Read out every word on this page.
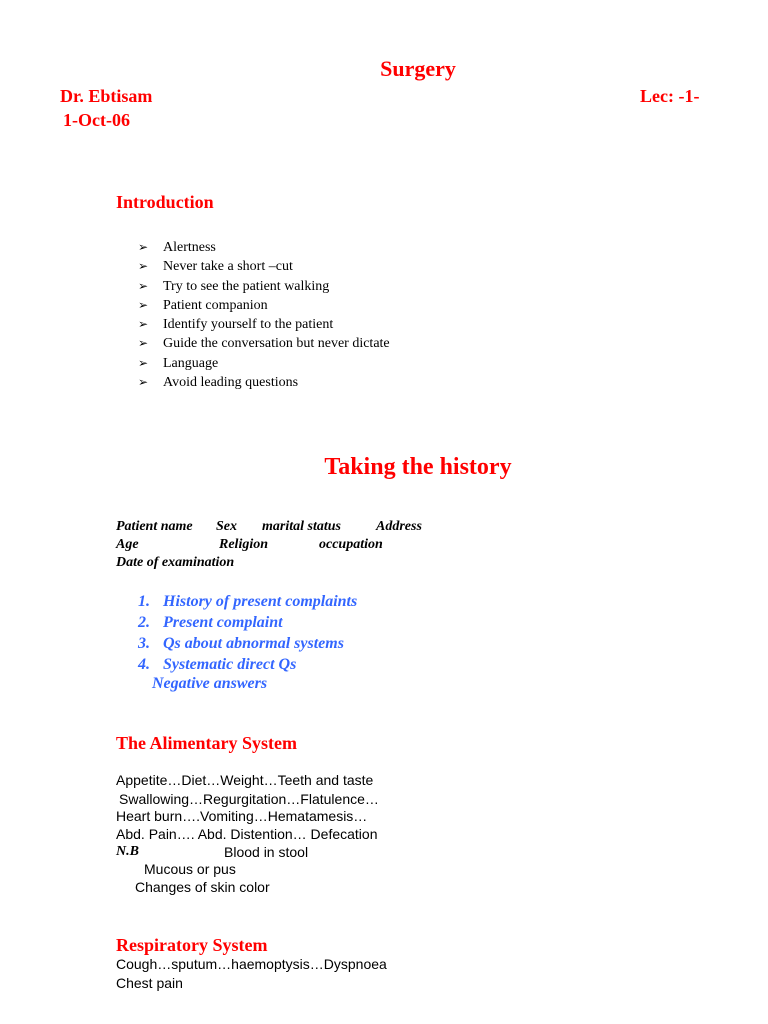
Surgery
Dr. Ebtisam	Lec: -1-
1-Oct-06
Introduction
➢ Alertness
➢ Never take a short –cut
➢ Try to see the patient walking
➢ Patient companion
➢ Identify yourself to the patient
➢ Guide the conversation but never dictate
➢ Language
➢ Avoid leading questions
Taking the history
Patient name Sex marital status	Address
Age	Religion	occupation
Date of examination
1. History of present complaints
2. Present complaint
3. Qs about abnormal systems
4. Systematic direct Qs
Negative answers
The Alimentary System
Appetite…Diet…Weight…Teeth and taste
Swallowing…Regurgitation…Flatulence…
Heart burn….Vomiting…Hematamesis…
Abd. Pain…. Abd. Distention… Defecation
N.B	Blood in stool
Mucous or pus
Changes of skin color
Respiratory System
Cough…sputum…haemoptysis…Dyspnoea
Chest pain
